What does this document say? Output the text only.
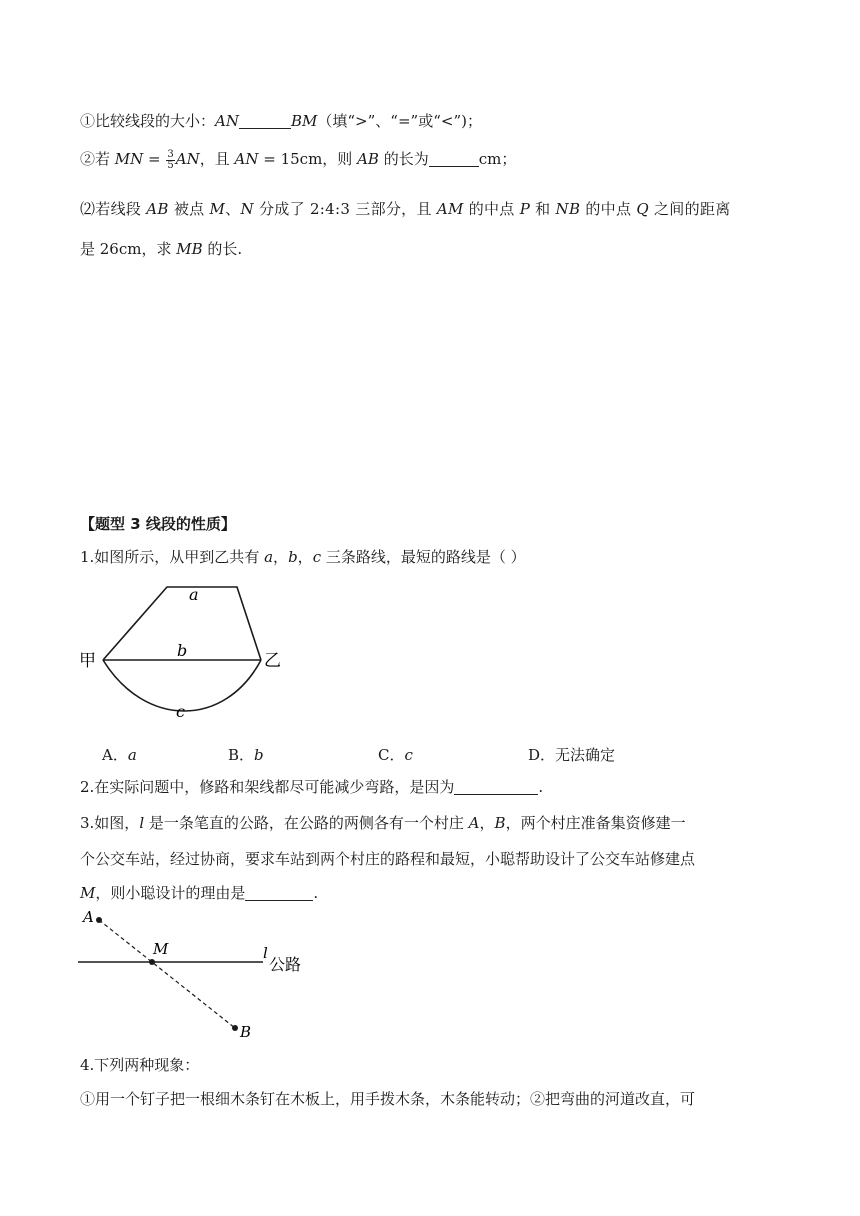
①比较线段的大小：AN	BM（填“>”、“=”或“<”)；
②若 MN = $\frac{3}{5}$ AN，且 AN = 15cm，则 AB 的长为	cm；
⑵若线段 AB 被点 M、N 分成了 2:4:3 三部分，且 AM 的中点 P 和 NB 的中点 Q 之间的距离
是 26cm，求 MB 的长.
【题型 3 线段的性质】
1.如图所示，从甲到乙共有 a，b，c 三条路线，最短的路线是（ ）
甲	乙
a
b
c
A．a	B．b	C．c	D．无法确定
2.在实际问题中，修路和架线都尽可能减少弯路，是因为	.
3.如图，l 是一条笔直的公路，在公路的两侧各有一个村庄 A，B，两个村庄准备集资修建一
个公交车站，经过协商，要求车站到两个村庄的路程和最短，小聪帮助设计了公交车站修建点
M，则小聪设计的理由是	.
A
M	l
公路
B
4.下列两种现象：
①用一个钉子把一根细木条钉在木板上，用手拨木条，木条能转动；②把弯曲的河道改直，可
